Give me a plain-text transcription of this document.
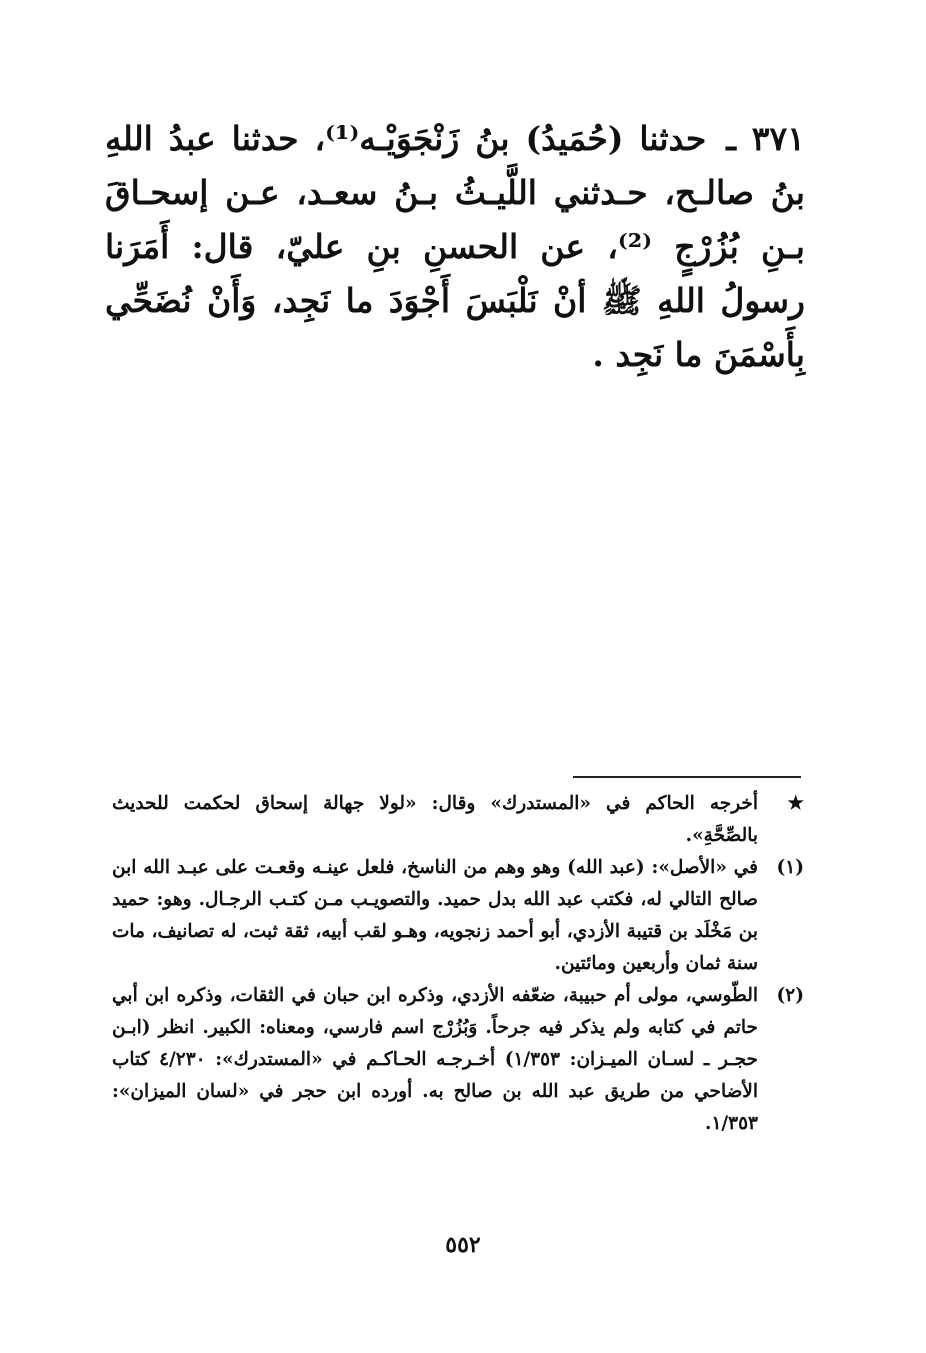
٣٧١ ـ حدثنا (حُمَيدُ) بنُ زَنْجَوَيْـه⁽¹⁾، حدثنا عبدُ اللهِ بنُ صالـح، حـدثني اللَّيـثُ بـنُ سعـد، عـن إسحـاقَ بـنِ بُزُرْجٍ ⁽²⁾، عن الحسنِ بنِ عليّ، قال: أَمَرَنا رسولُ اللهِ ﷺ أنْ نَلْبَسَ أَجْوَدَ ما نَجِد، وَأَنْ نُضَحِّي بِأَسْمَنَ ما نَجِد .
★
أخرجه الحاكم في «المستدرك» وقال: «لولا جهالة إسحاق لحكمت للحديث بالصِّحَّةِ».
(١)
في «الأصل»: (عبد الله) وهو وهم من الناسخ، فلعل عينـه وقعـت على عبـد الله ابن صالح التالي له، فكتب عبد الله بدل حميد. والتصويـب مـن كتـب الرجـال. وهو: حميد بن مَخْلَد بن قتيبة الأزدي، أبو أحمد زنجويه، وهـو لقب أبيه، ثقة ثبت، له تصانيف، مات سنة ثمان وأربعين ومائتين.
(٢)
الطّوسي، مولى أم حبيبة، ضعّفه الأزدي، وذكره ابن حبان في الثقات، وذكره ابن أبي حاتم في كتابه ولم يذكر فيه جرحاً. وَبُزُرْج اسم فارسي، ومعناه: الكبير. انظر (ابـن حجـر ـ لسـان الميـزان: ١/٣٥٣) أخـرجـه الحـاكـم في «المستدرك»: ٤/٢٣٠ كتاب الأضاحي من طريق عبد الله بن صالح به. أورده ابن حجر في «لسان الميزان»: ١/٣٥٣.
٥٥٢
